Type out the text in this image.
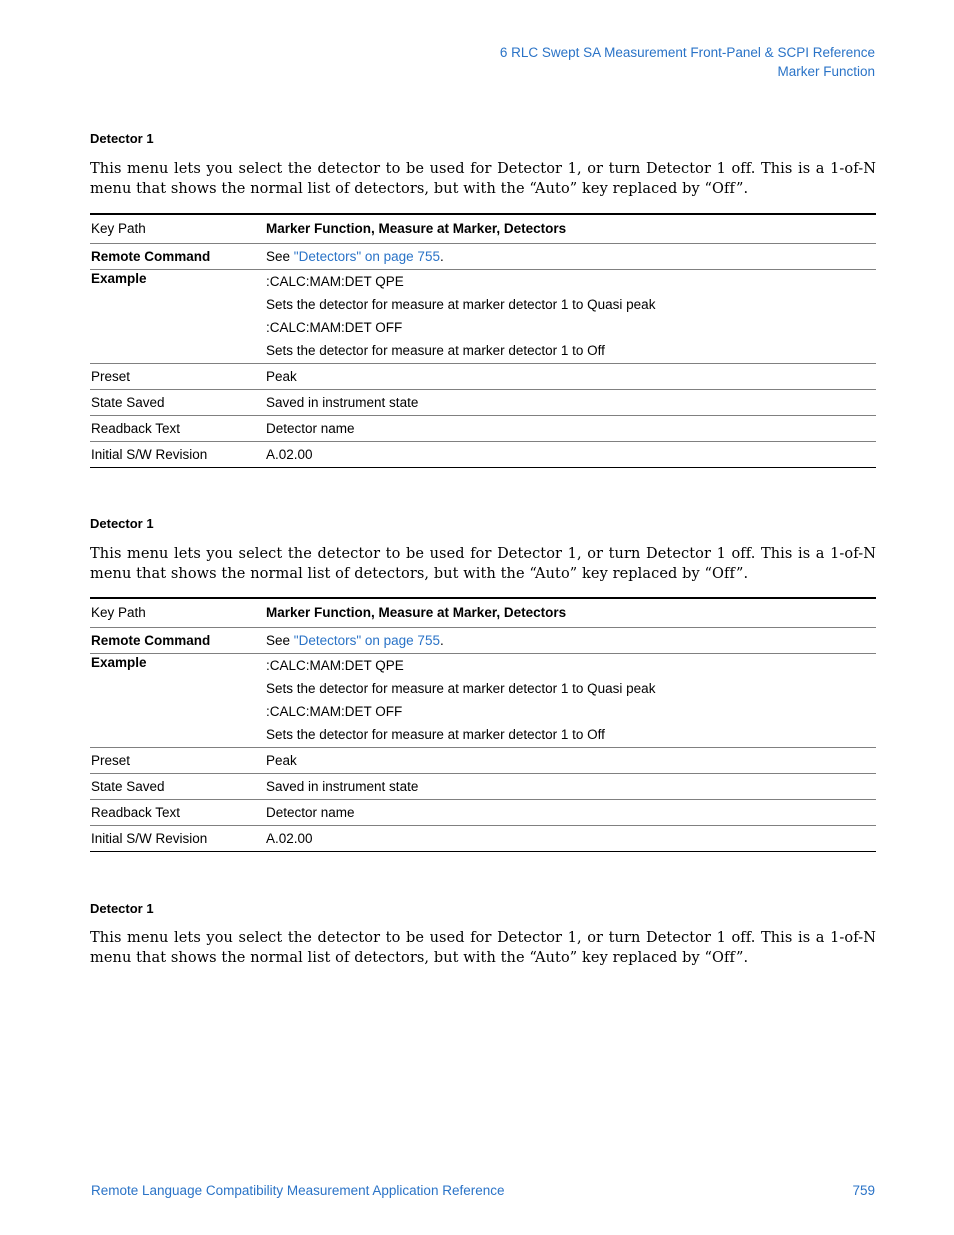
6 RLC Swept SA Measurement Front-Panel & SCPI Reference
Marker Function
Detector 1
This menu lets you select the detector to be used for Detector 1, or turn Detector 1 off. This is a 1-of-N menu that shows the normal list of detectors, but with the “Auto” key replaced by “Off”.
Key Path	Marker Function, Measure at Marker, Detectors
Remote Command	See "Detectors" on page 755.
Example	:CALC:MAM:DET QPE
Sets the detector for measure at marker detector 1 to Quasi peak
:CALC:MAM:DET OFF
Sets the detector for measure at marker detector 1 to Off

Preset	Peak
State Saved	Saved in instrument state
Readback Text	Detector name
Initial S/W Revision	A.02.00
Detector 1
This menu lets you select the detector to be used for Detector 1, or turn Detector 1 off. This is a 1-of-N menu that shows the normal list of detectors, but with the “Auto” key replaced by “Off”.
Key Path	Marker Function, Measure at Marker, Detectors
Remote Command	See "Detectors" on page 755.
Example	:CALC:MAM:DET QPE
Sets the detector for measure at marker detector 1 to Quasi peak
:CALC:MAM:DET OFF
Sets the detector for measure at marker detector 1 to Off

Preset	Peak
State Saved	Saved in instrument state
Readback Text	Detector name
Initial S/W Revision	A.02.00
Detector 1
This menu lets you select the detector to be used for Detector 1, or turn Detector 1 off. This is a 1-of-N menu that shows the normal list of detectors, but with the “Auto” key replaced by “Off”.
Remote Language Compatibility Measurement Application Reference	759
